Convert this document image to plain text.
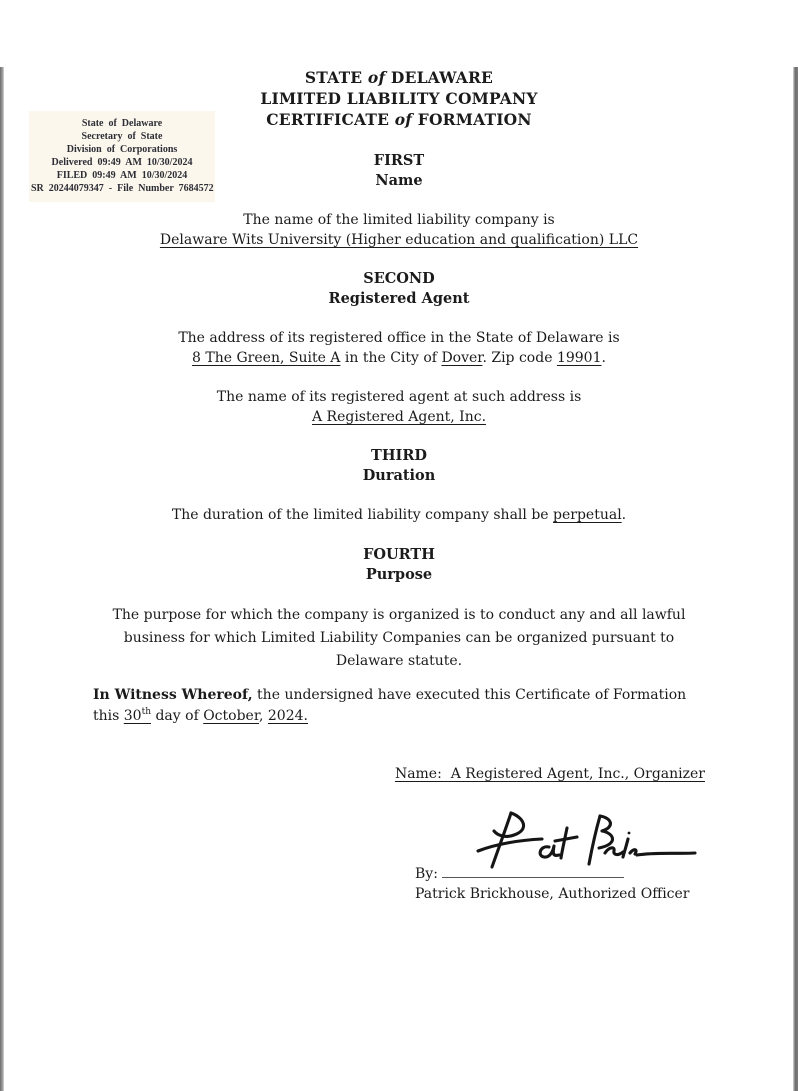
State of Delaware
Secretary of State
Division of Corporations
Delivered 09:49 AM 10/30/2024
FILED 09:49 AM 10/30/2024
SR 20244079347 - File Number 7684572
STATE of DELAWARE
LIMITED LIABILITY COMPANY
CERTIFICATE of FORMATION
FIRST
Name
The name of the limited liability company is
Delaware Wits University (Higher education and qualification) LLC
SECOND
Registered Agent
The address of its registered office in the State of Delaware is
8 The Green, Suite A in the City of Dover. Zip code 19901.
The name of its registered agent at such address is
A Registered Agent, Inc.
THIRD
Duration
The duration of the limited liability company shall be perpetual.
FOURTH
Purpose
The purpose for which the company is organized is to conduct any and all lawful
business for which Limited Liability Companies can be organized pursuant to
Delaware statute.
In Witness Whereof, the undersigned have executed this Certificate of Formation
this 30th day of October, 2024.

Name:  A Registered Agent, Inc., Organizer

By:
Patrick Brickhouse, Authorized Officer
